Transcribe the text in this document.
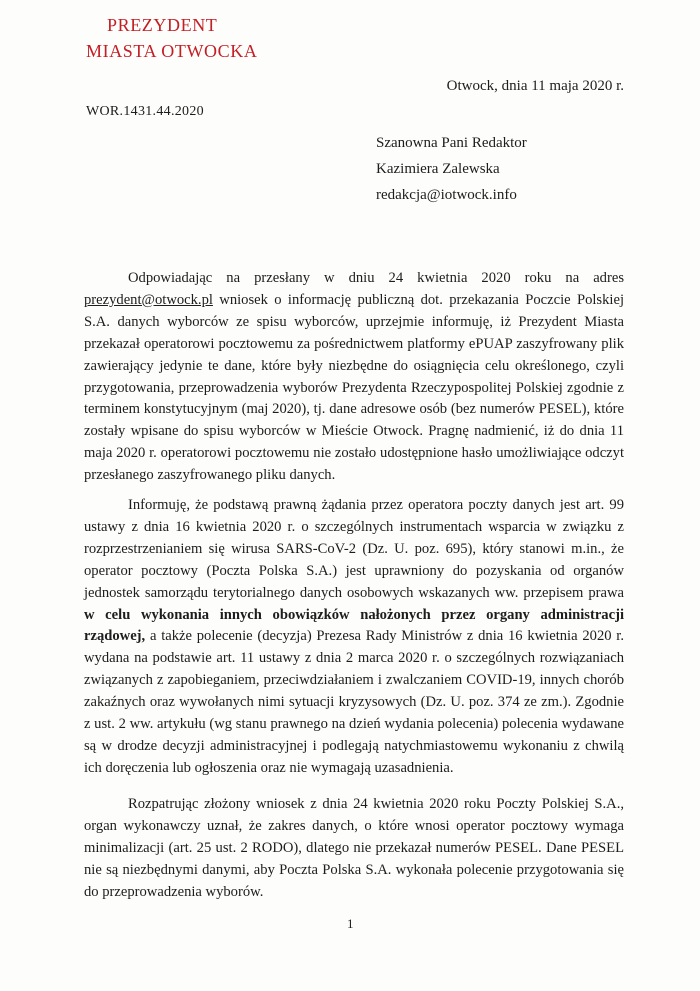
PREZYDENT
MIASTA OTWOCKA
Otwock, dnia 11 maja 2020 r.
WOR.1431.44.2020
Szanowna Pani Redaktor
Kazimiera Zalewska
redakcja@iotwock.info

Odpowiadając na przesłany w dniu 24 kwietnia 2020 roku na adres prezydent@otwock.pl wniosek o informację publiczną dot. przekazania Poczcie Polskiej S.A. danych wyborców ze spisu wyborców, uprzejmie informuję, iż Prezydent Miasta przekazał operatorowi pocztowemu za pośrednictwem platformy ePUAP zaszyfrowany plik zawierający jedynie te dane, które były niezbędne do osiągnięcia celu określonego, czyli przygotowania, przeprowadzenia wyborów Prezydenta Rzeczypospolitej Polskiej zgodnie z terminem konstytucyjnym (maj 2020), tj. dane adresowe osób (bez numerów PESEL), które zostały wpisane do spisu wyborców w Mieście Otwock. Pragnę nadmienić, iż do dnia 11 maja 2020 r. operatorowi pocztowemu nie zostało udostępnione hasło umożliwiające odczyt przesłanego zaszyfrowanego pliku danych.

Informuję, że podstawą prawną żądania przez operatora poczty danych jest art. 99 ustawy z dnia 16 kwietnia 2020 r. o szczególnych instrumentach wsparcia w związku z rozprzestrzenianiem się wirusa SARS-CoV-2 (Dz. U. poz. 695), który stanowi m.in., że operator pocztowy (Poczta Polska S.A.) jest uprawniony do pozyskania od organów jednostek samorządu terytorialnego danych osobowych wskazanych ww. przepisem prawa w celu wykonania innych obowiązków nałożonych przez organy administracji rządowej, a także polecenie (decyzja) Prezesa Rady Ministrów z dnia 16 kwietnia 2020 r. wydana na podstawie art. 11 ustawy z dnia 2 marca 2020 r. o szczególnych rozwiązaniach związanych z zapobieganiem, przeciwdziałaniem i zwalczaniem COVID-19, innych chorób zakaźnych oraz wywołanych nimi sytuacji kryzysowych (Dz. U. poz. 374 ze zm.). Zgodnie z ust. 2 ww. artykułu (wg stanu prawnego na dzień wydania polecenia) polecenia wydawane są w drodze decyzji administracyjnej i podlegają natychmiastowemu wykonaniu z chwilą ich doręczenia lub ogłoszenia oraz nie wymagają uzasadnienia.

Rozpatrując złożony wniosek z dnia 24 kwietnia 2020 roku Poczty Polskiej S.A., organ wykonawczy uznał, że zakres danych, o które wnosi operator pocztowy wymaga minimalizacji (art. 25 ust. 2 RODO), dlatego nie przekazał numerów PESEL. Dane PESEL nie są niezbędnymi danymi, aby Poczta Polska S.A. wykonała polecenie przygotowania się do przeprowadzenia wyborów.

1
